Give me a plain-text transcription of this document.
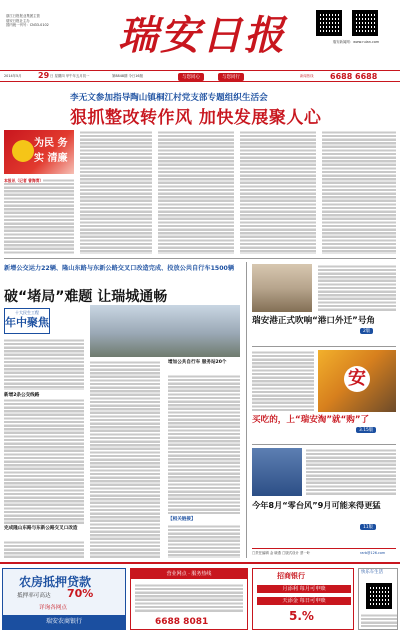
浙江日报报业集团主管
瑞安日报社主办
国内统一刊号：CN33-0102	瑞安日报	瑞安新闻网：www.ruian.com
2014年5月 29 日 星期四 甲午年五月初一	第8848期 今日16版	与您同心	与您同行	新闻热线 6688 6688
李无文参加指导陶山镇桐江村党支部专题组织生活会
狠抓整改转作风 加快发展聚人心
为民 务实 清廉
本报讯（记者 曾海青）
新增公交运力22辆、隆山东路与东新公路交叉口改造完成、投放公共自行车1500辆
破“堵局”难题 让瑞城通畅
十大民生工程
年中聚焦
新增2条公交线路
完成隆山东路与东新公路交叉口改造
增加公共自行车 服务站20个
【相关链接】
瑞安港正式吹响“港口外迁”号角
2版
安
买吃的，上“瑞安淘”就“购”了
3.15版
今年8月“零台风”9月可能来得更猛
11版
□责任编辑 金 晓燕 □版式设计 蔡一叶	rarb@126.com
农房抵押贷款
抵押率可高达 70%
详询各网点
瑞安农商银行
营业网点 · 服务热线
6688 8081
招商银行
月添利 每月可申赎
天添金 每日可申赎
5.%
快乐车生活
